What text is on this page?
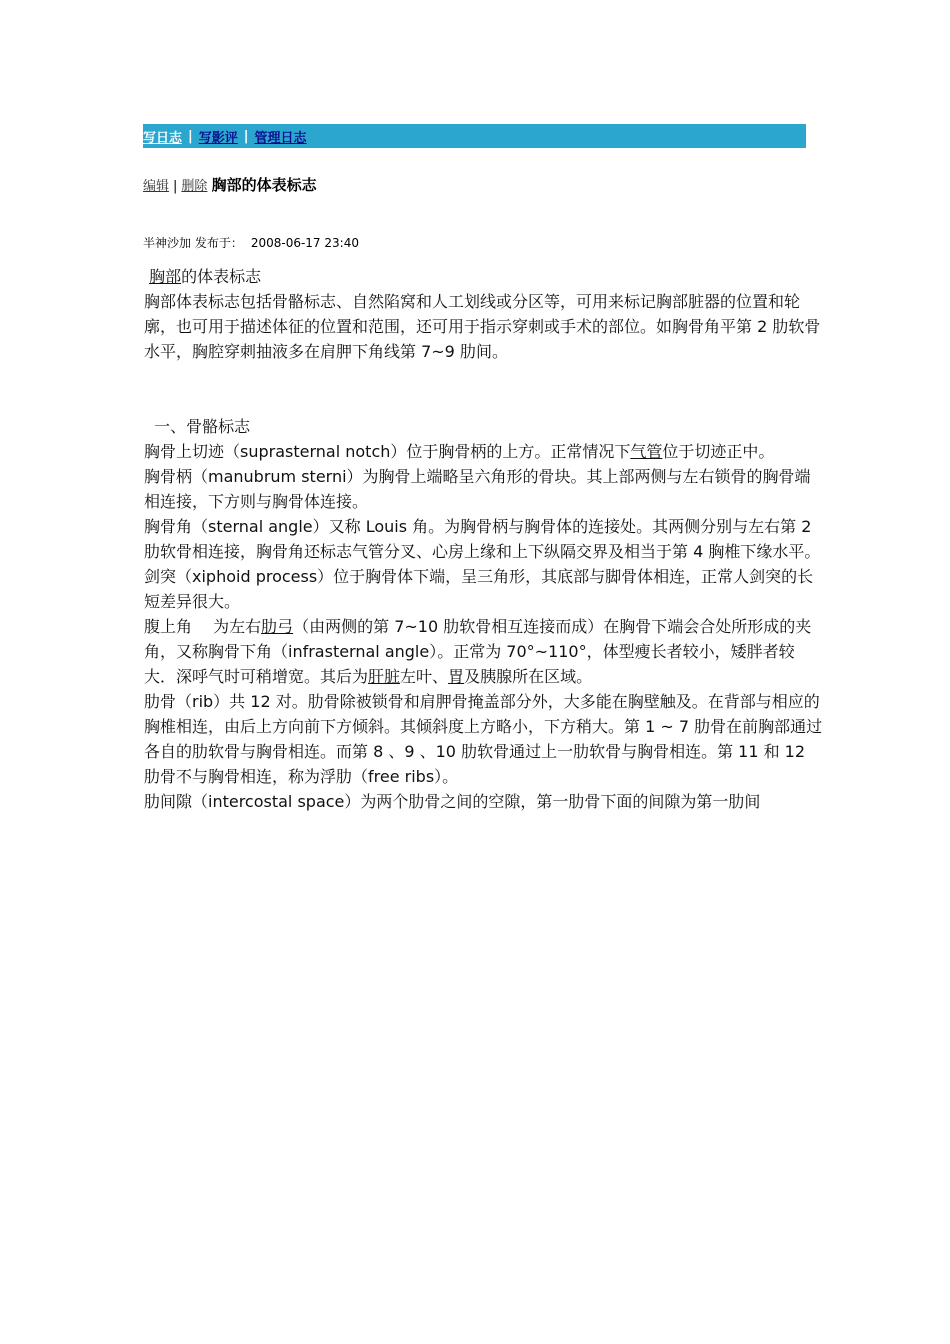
写日志 | 写影评 | 管理日志
编辑 | 删除 胸部的体表标志
半神沙加 发布于： 2008-06-17 23:40

胸部的体表标志

胸部体表标志包括骨骼标志、自然陷窝和人工划线或分区等，可用来标记胸部脏器的位置和轮廓，也可用于描述体征的位置和范围，还可用于指示穿刺或手术的部位。如胸骨角平第 2 肋软骨水平，胸腔穿刺抽液多在肩胛下角线第 7~9 肋间。

一、骨骼标志

胸骨上切迹（suprasternal notch）位于胸骨柄的上方。正常情况下气管位于切迹正中。

胸骨柄（manubrum sterni）为胸骨上端略呈六角形的骨块。其上部两侧与左右锁骨的胸骨端相连接，下方则与胸骨体连接。

胸骨角（sternal angle）又称 Louis 角。为胸骨柄与胸骨体的连接处。其两侧分别与左右第 2 肋软骨相连接，胸骨角还标志气管分叉、心房上缘和上下纵隔交界及相当于第 4 胸椎下缘水平。

剑突（xiphoid process）位于胸骨体下端，呈三角形，其底部与脚骨体相连，正常人剑突的长短差异很大。

腹上角　 为左右肋弓（由两侧的第 7~10 肋软骨相互连接而成）在胸骨下端会合处所形成的夹角，又称胸骨下角（infrasternal angle）。正常为 70°~110°，体型瘦长者较小，矮胖者较大．深呼气时可稍增宽。其后为肝脏左叶、胃及胰腺所在区域。

肋骨（rib）共 12 对。肋骨除被锁骨和肩胛骨掩盖部分外，大多能在胸壁触及。在背部与相应的胸椎相连，由后上方向前下方倾斜。其倾斜度上方略小，下方稍大。第 1 ~ 7 肋骨在前胸部通过各自的肋软骨与胸骨相连。而第 8 、9 、10 肋软骨通过上一肋软骨与胸骨相连。第 11 和 12 肋骨不与胸骨相连，称为浮肋（free ribs）。

肋间隙（intercostal space）为两个肋骨之间的空隙，第一肋骨下面的间隙为第一肋间
